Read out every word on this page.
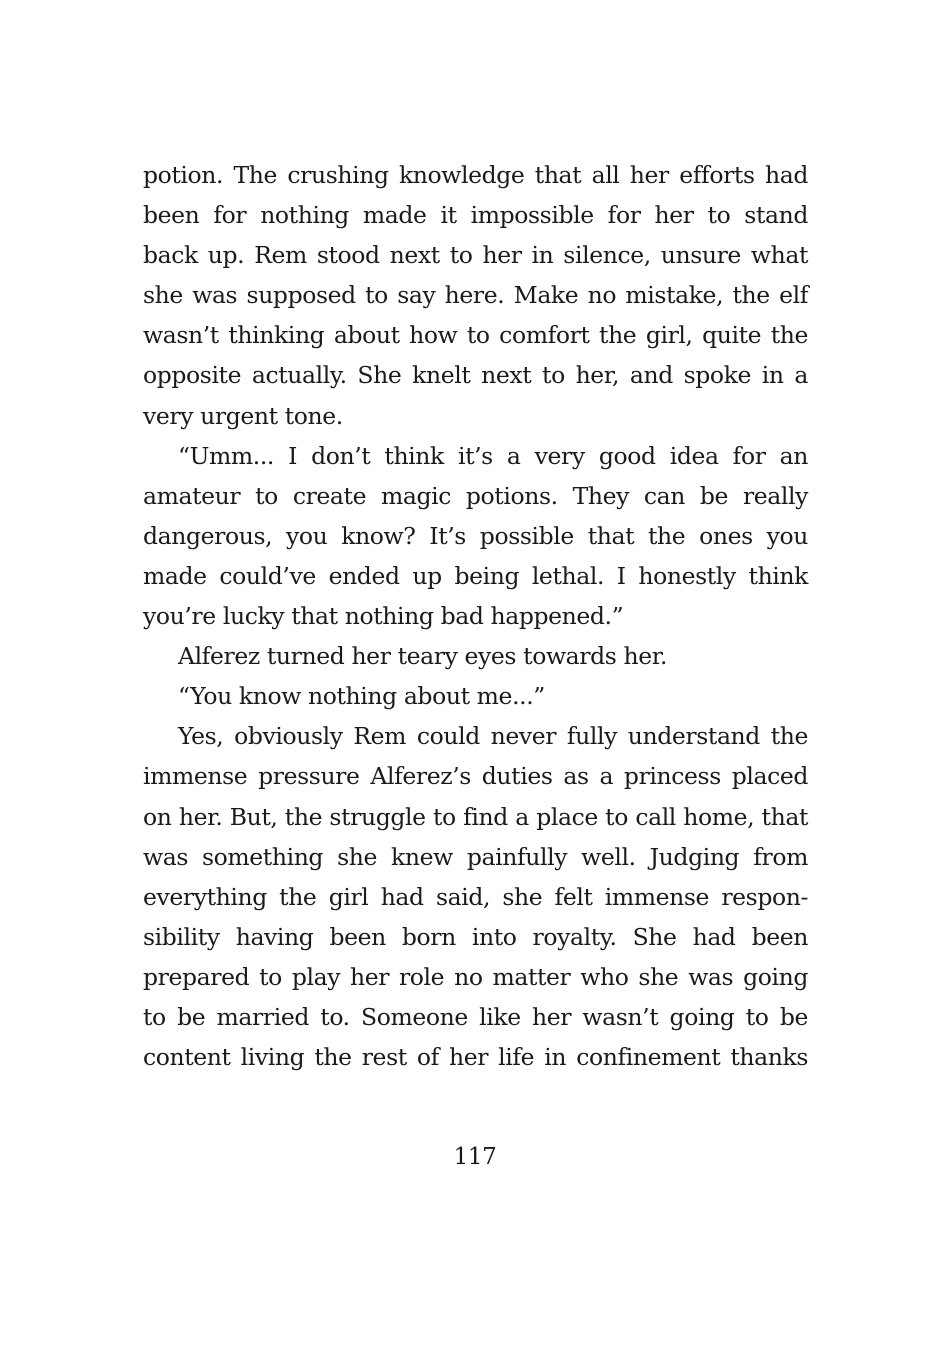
potion. The crushing knowledge that all her efforts had
been for nothing made it impossible for her to stand
back up. Rem stood next to her in silence, unsure what
she was supposed to say here. Make no mistake, the elf
wasn’t thinking about how to comfort the girl, quite the
opposite actually. She knelt next to her, and spoke in a
very urgent tone.
“Umm... I don’t think it’s a very good idea for an
amateur to create magic potions. They can be really
dangerous, you know? It’s possible that the ones you
made could’ve ended up being lethal. I honestly think
you’re lucky that nothing bad happened.”
Alferez turned her teary eyes towards her.
“You know nothing about me...”
Yes, obviously Rem could never fully understand the
immense pressure Alferez’s duties as a princess placed
on her. But, the struggle to find a place to call home, that
was something she knew painfully well. Judging from
everything the girl had said, she felt immense respon-
sibility having been born into royalty. She had been
prepared to play her role no matter who she was going
to be married to. Someone like her wasn’t going to be
content living the rest of her life in confinement thanks
117
